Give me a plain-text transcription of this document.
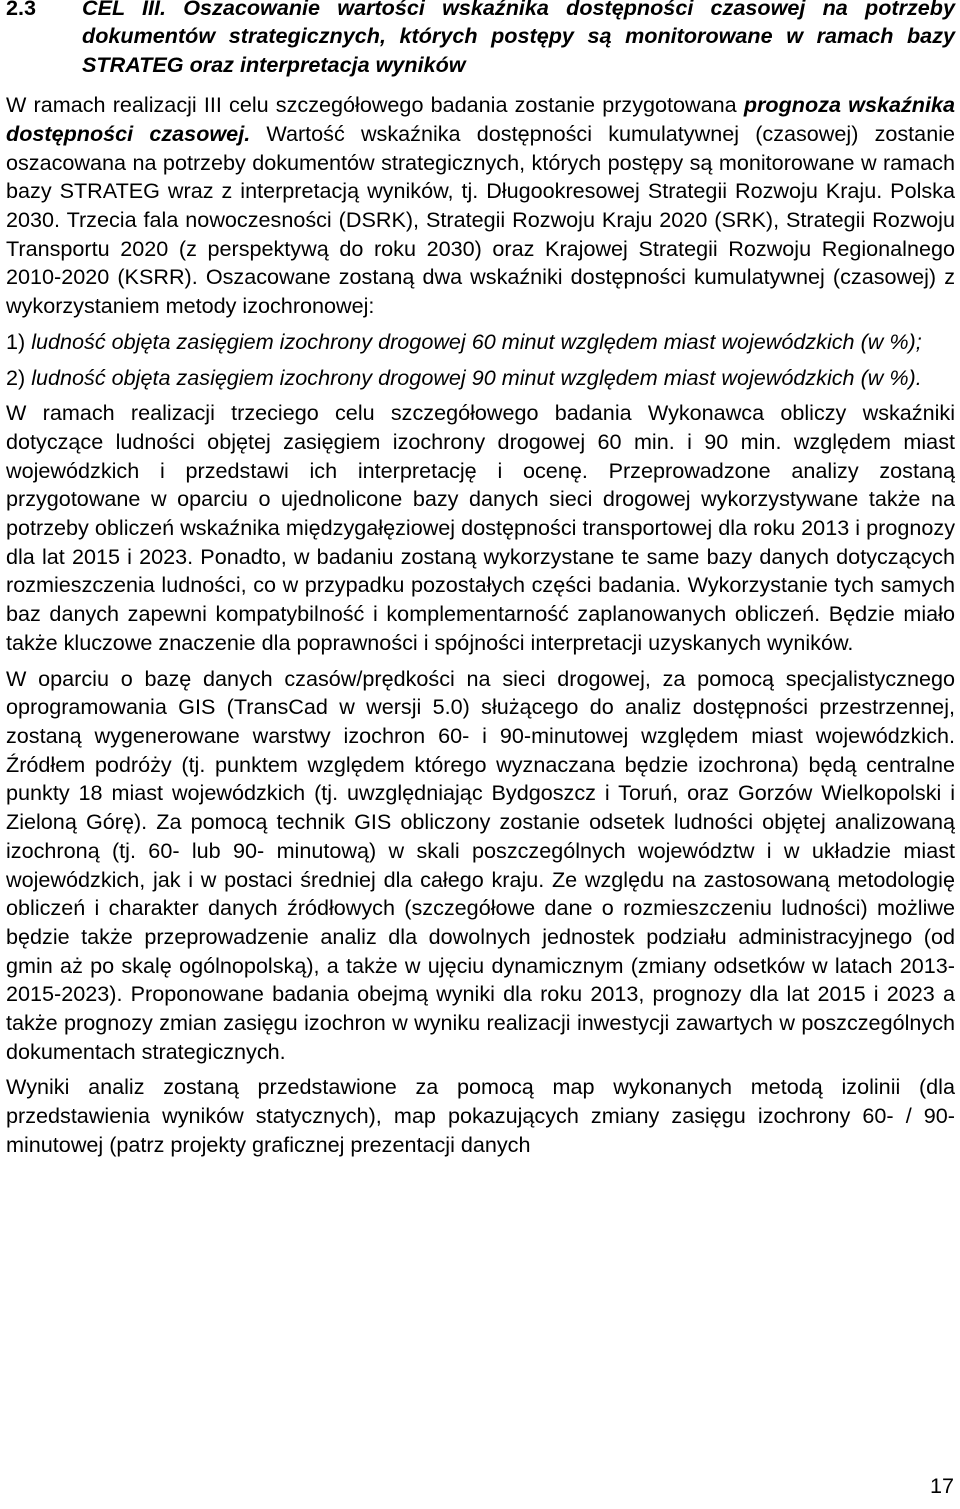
2.3 CEL III. Oszacowanie wartości wskaźnika dostępności czasowej na potrzeby dokumentów strategicznych, których postępy są monitorowane w ramach bazy STRATEG oraz interpretacja wyników

W ramach realizacji III celu szczegółowego badania zostanie przygotowana prognoza wskaźnika dostępności czasowej. Wartość wskaźnika dostępności kumulatywnej (czasowej) zostanie oszacowana na potrzeby dokumentów strategicznych, których postępy są monitorowane w ramach bazy STRATEG wraz z interpretacją wyników, tj. Długookresowej Strategii Rozwoju Kraju. Polska 2030. Trzecia fala nowoczesności (DSRK), Strategii Rozwoju Kraju 2020 (SRK), Strategii Rozwoju Transportu 2020 (z perspektywą do roku 2030) oraz Krajowej Strategii Rozwoju Regionalnego 2010-2020 (KSRR). Oszacowane zostaną dwa wskaźniki dostępności kumulatywnej (czasowej) z wykorzystaniem metody izochronowej:

1) ludność objęta zasięgiem izochrony drogowej 60 minut względem miast wojewódzkich (w %);

2) ludność objęta zasięgiem izochrony drogowej 90 minut względem miast wojewódzkich (w %).

W ramach realizacji trzeciego celu szczegółowego badania Wykonawca obliczy wskaźniki dotyczące ludności objętej zasięgiem izochrony drogowej 60 min. i 90 min. względem miast wojewódzkich i przedstawi ich interpretację i ocenę. Przeprowadzone analizy zostaną przygotowane w oparciu o ujednolicone bazy danych sieci drogowej wykorzystywane także na potrzeby obliczeń wskaźnika międzygałęziowej dostępności transportowej dla roku 2013 i prognozy dla lat 2015 i 2023. Ponadto, w badaniu zostaną wykorzystane te same bazy danych dotyczących rozmieszczenia ludności, co w przypadku pozostałych części badania. Wykorzystanie tych samych baz danych zapewni kompatybilność i komplementarność zaplanowanych obliczeń. Będzie miało także kluczowe znaczenie dla poprawności i spójności interpretacji uzyskanych wyników.

W oparciu o bazę danych czasów/prędkości na sieci drogowej, za pomocą specjalistycznego oprogramowania GIS (TransCad w wersji 5.0) służącego do analiz dostępności przestrzennej, zostaną wygenerowane warstwy izochron 60- i 90-minutowej względem miast wojewódzkich. Źródłem podróży (tj. punktem względem którego wyznaczana będzie izochrona) będą centralne punkty 18 miast wojewódzkich (tj. uwzględniając Bydgoszcz i Toruń, oraz Gorzów Wielkopolski i Zieloną Górę). Za pomocą technik GIS obliczony zostanie odsetek ludności objętej analizowaną izochroną (tj. 60- lub 90- minutową) w skali poszczególnych województw i w układzie miast wojewódzkich, jak i w postaci średniej dla całego kraju. Ze względu na zastosowaną metodologię obliczeń i charakter danych źródłowych (szczegółowe dane o rozmieszczeniu ludności) możliwe będzie także przeprowadzenie analiz dla dowolnych jednostek podziału administracyjnego (od gmin aż po skalę ogólnopolską), a także w ujęciu dynamicznym (zmiany odsetków w latach 2013-2015-2023). Proponowane badania obejmą wyniki dla roku 2013, prognozy dla lat 2015 i 2023 a także prognozy zmian zasięgu izochron w wyniku realizacji inwestycji zawartych w poszczególnych dokumentach strategicznych.

Wyniki analiz zostaną przedstawione za pomocą map wykonanych metodą izolinii (dla przedstawienia wyników statycznych), map pokazujących zmiany zasięgu izochrony 60- / 90-minutowej (patrz projekty graficznej prezentacji danych

17
